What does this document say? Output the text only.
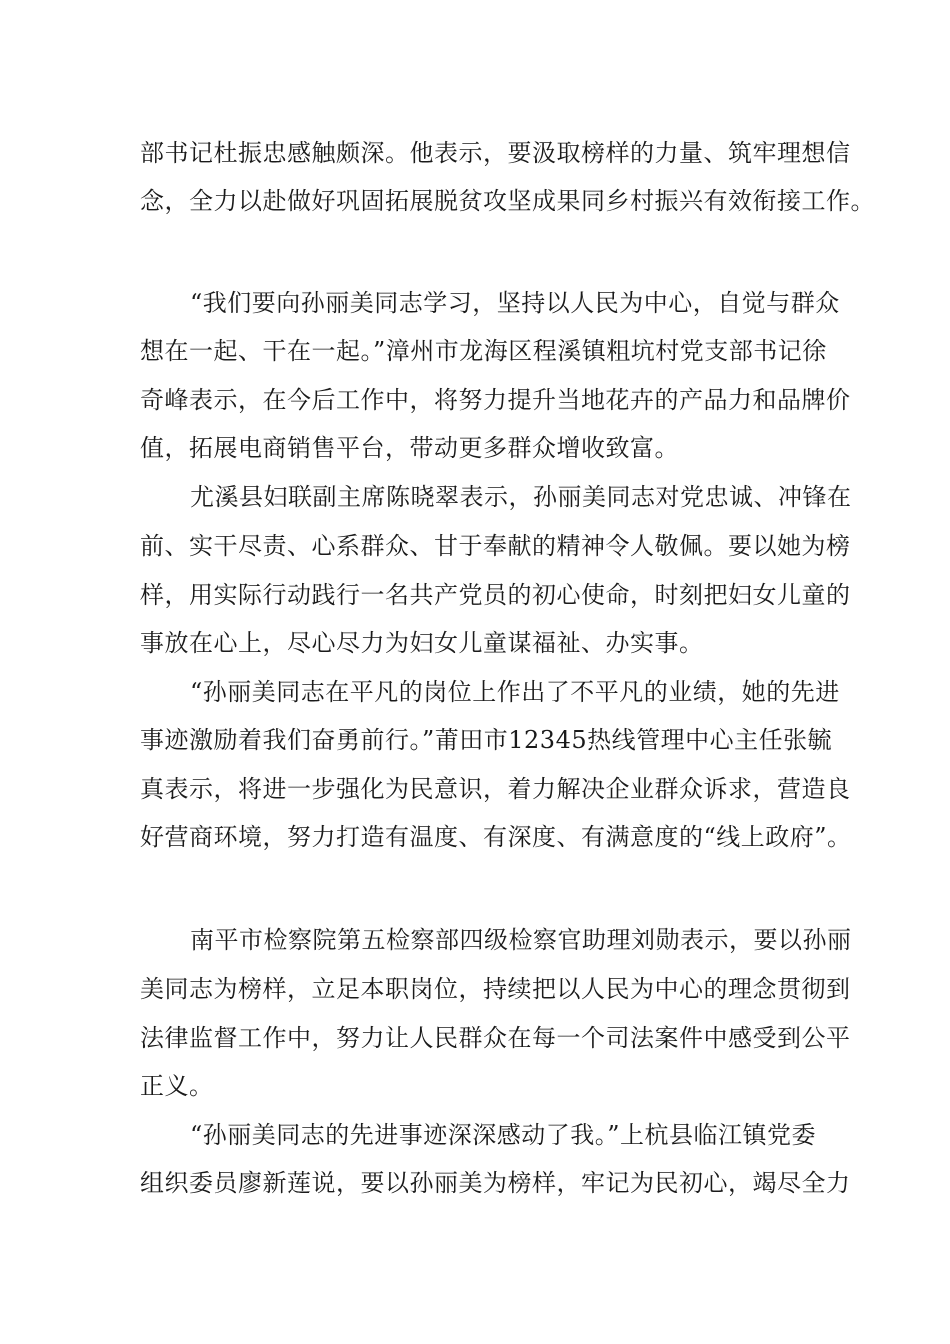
部书记杜振忠感触颇深。他表示，要汲取榜样的力量、筑牢理想信
念，全力以赴做好巩固拓展脱贫攻坚成果同乡村振兴有效衔接工作。
“我们要向孙丽美同志学习，坚持以人民为中心，自觉与群众
想在一起、干在一起。”漳州市龙海区程溪镇粗坑村党支部书记徐
奇峰表示，在今后工作中，将努力提升当地花卉的产品力和品牌价
值，拓展电商销售平台，带动更多群众增收致富。
尤溪县妇联副主席陈晓翠表示，孙丽美同志对党忠诚、冲锋在
前、实干尽责、心系群众、甘于奉献的精神令人敬佩。要以她为榜
样，用实际行动践行一名共产党员的初心使命，时刻把妇女儿童的
事放在心上，尽心尽力为妇女儿童谋福祉、办实事。
“孙丽美同志在平凡的岗位上作出了不平凡的业绩，她的先进
事迹激励着我们奋勇前行。”莆田市12345热线管理中心主任张毓
真表示，将进一步强化为民意识，着力解决企业群众诉求，营造良
好营商环境，努力打造有温度、有深度、有满意度的“线上政府”。
南平市检察院第五检察部四级检察官助理刘勋表示，要以孙丽
美同志为榜样，立足本职岗位，持续把以人民为中心的理念贯彻到
法律监督工作中，努力让人民群众在每一个司法案件中感受到公平
正义。
“孙丽美同志的先进事迹深深感动了我。”上杭县临江镇党委
组织委员廖新莲说，要以孙丽美为榜样，牢记为民初心，竭尽全力
